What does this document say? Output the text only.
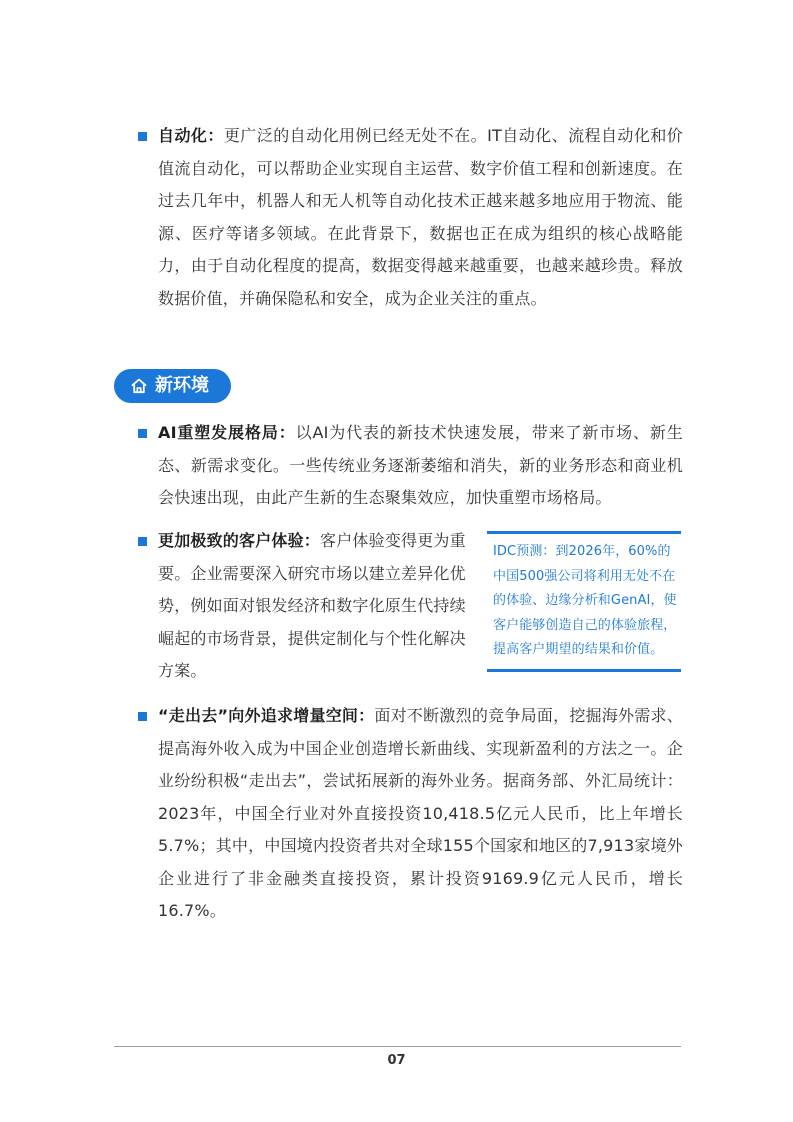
自动化：更广泛的自动化用例已经无处不在。IT自动化、流程自动化和价值流自动化，可以帮助企业实现自主运营、数字价值工程和创新速度。在过去几年中，机器人和无人机等自动化技术正越来越多地应用于物流、能源、医疗等诸多领域。在此背景下，数据也正在成为组织的核心战略能力，由于自动化程度的提高，数据变得越来越重要，也越来越珍贵。释放数据价值，并确保隐私和安全，成为企业关注的重点。
新环境
AI重塑发展格局：以AI为代表的新技术快速发展，带来了新市场、新生态、新需求变化。一些传统业务逐渐萎缩和消失，新的业务形态和商业机会快速出现，由此产生新的生态聚集效应，加快重塑市场格局。
更加极致的客户体验：客户体验变得更为重要。企业需要深入研究市场以建立差异化优势，例如面对银发经济和数字化原生代持续崛起的市场背景，提供定制化与个性化解决方案。
IDC预测：到2026年，60%的中国500强公司将利用无处不在的体验、边缘分析和GenAI，使客户能够创造自己的体验旅程，提高客户期望的结果和价值。
“走出去”向外追求增量空间：面对不断激烈的竞争局面，挖掘海外需求、提高海外收入成为中国企业创造增长新曲线、实现新盈利的方法之一。企业纷纷积极“走出去”，尝试拓展新的海外业务。据商务部、外汇局统计：2023年，中国全行业对外直接投资10,418.5亿元人民币，比上年增长5.7%；其中，中国境内投资者共对全球155个国家和地区的7,913家境外企业进行了非金融类直接投资，累计投资9169.9亿元人民币，增长16.7%。
07
